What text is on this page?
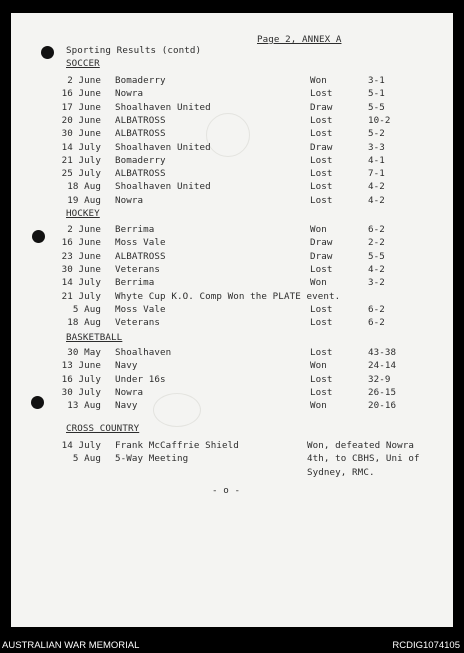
Page 2, ANNEX A
Sporting Results (contd)
SOCCER
2 June Bomaderry	Won	3-1
16 June Nowra	Lost	5-1
17 June Shoalhaven United	Draw	5-5
20 June ALBATROSS	Lost	10-2
30 June ALBATROSS	Lost	5-2
14 July Shoalhaven United	Draw	3-3
21 July Bomaderry	Lost	4-1
25 July ALBATROSS	Lost	7-1
18 Aug Shoalhaven United	Lost	4-2
19 Aug Nowra	Lost	4-2
HOCKEY
2 June Berrima	Won	6-2
16 June Moss Vale	Draw	2-2
23 June ALBATROSS	Draw	5-5
30 June Veterans	Lost	4-2
14 July Berrima	Won	3-2
21 July Whyte Cup K.O. Comp Won the PLATE event.
5 Aug Moss Vale	Lost	6-2
18 Aug Veterans	Lost	6-2
BASKETBALL
30 May Shoalhaven	Lost	43-38
13 June Navy	Won	24-14
16 July Under 16s	Lost	32-9
30 July Nowra	Lost	26-15
13 Aug Navy	Won	20-16
CROSS COUNTRY
14 July Frank McCaffrie Shield	Won, defeated Nowra
5 Aug 5-Way Meeting	4th, to CBHS, Uni of
Sydney, RMC.
- o -
AUSTRALIAN WAR MEMORIAL	RCDIG1074105
